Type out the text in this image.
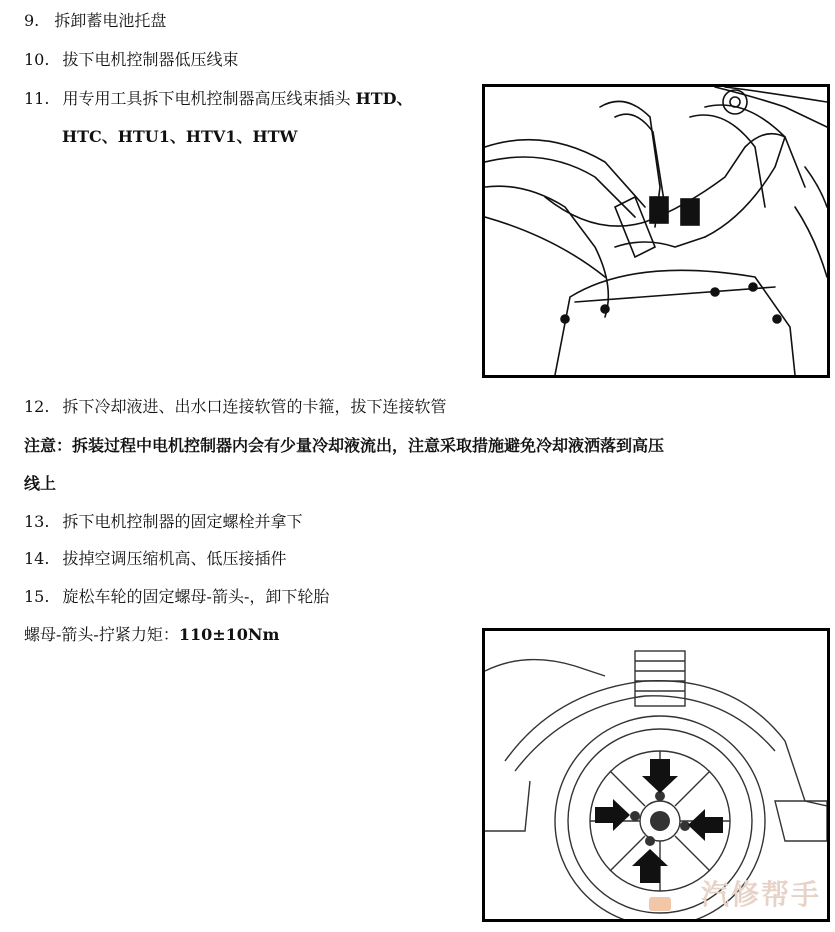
9. 拆卸蓄电池托盘
10. 拔下电机控制器低压线束
11. 用专用工具拆下电机控制器高压线束插头 HTD、
HTC、HTU1、HTV1、HTW
12. 拆下冷却液进、出水口连接软管的卡箍，拔下连接软管
注意：拆装过程中电机控制器内会有少量冷却液流出，注意采取措施避免冷却液洒落到高压
线上
13. 拆下电机控制器的固定螺栓并拿下
14. 拔掉空调压缩机高、低压接插件
15. 旋松车轮的固定螺母-箭头-，卸下轮胎
螺母-箭头-拧紧力矩：110±10Nm
汽修帮手
